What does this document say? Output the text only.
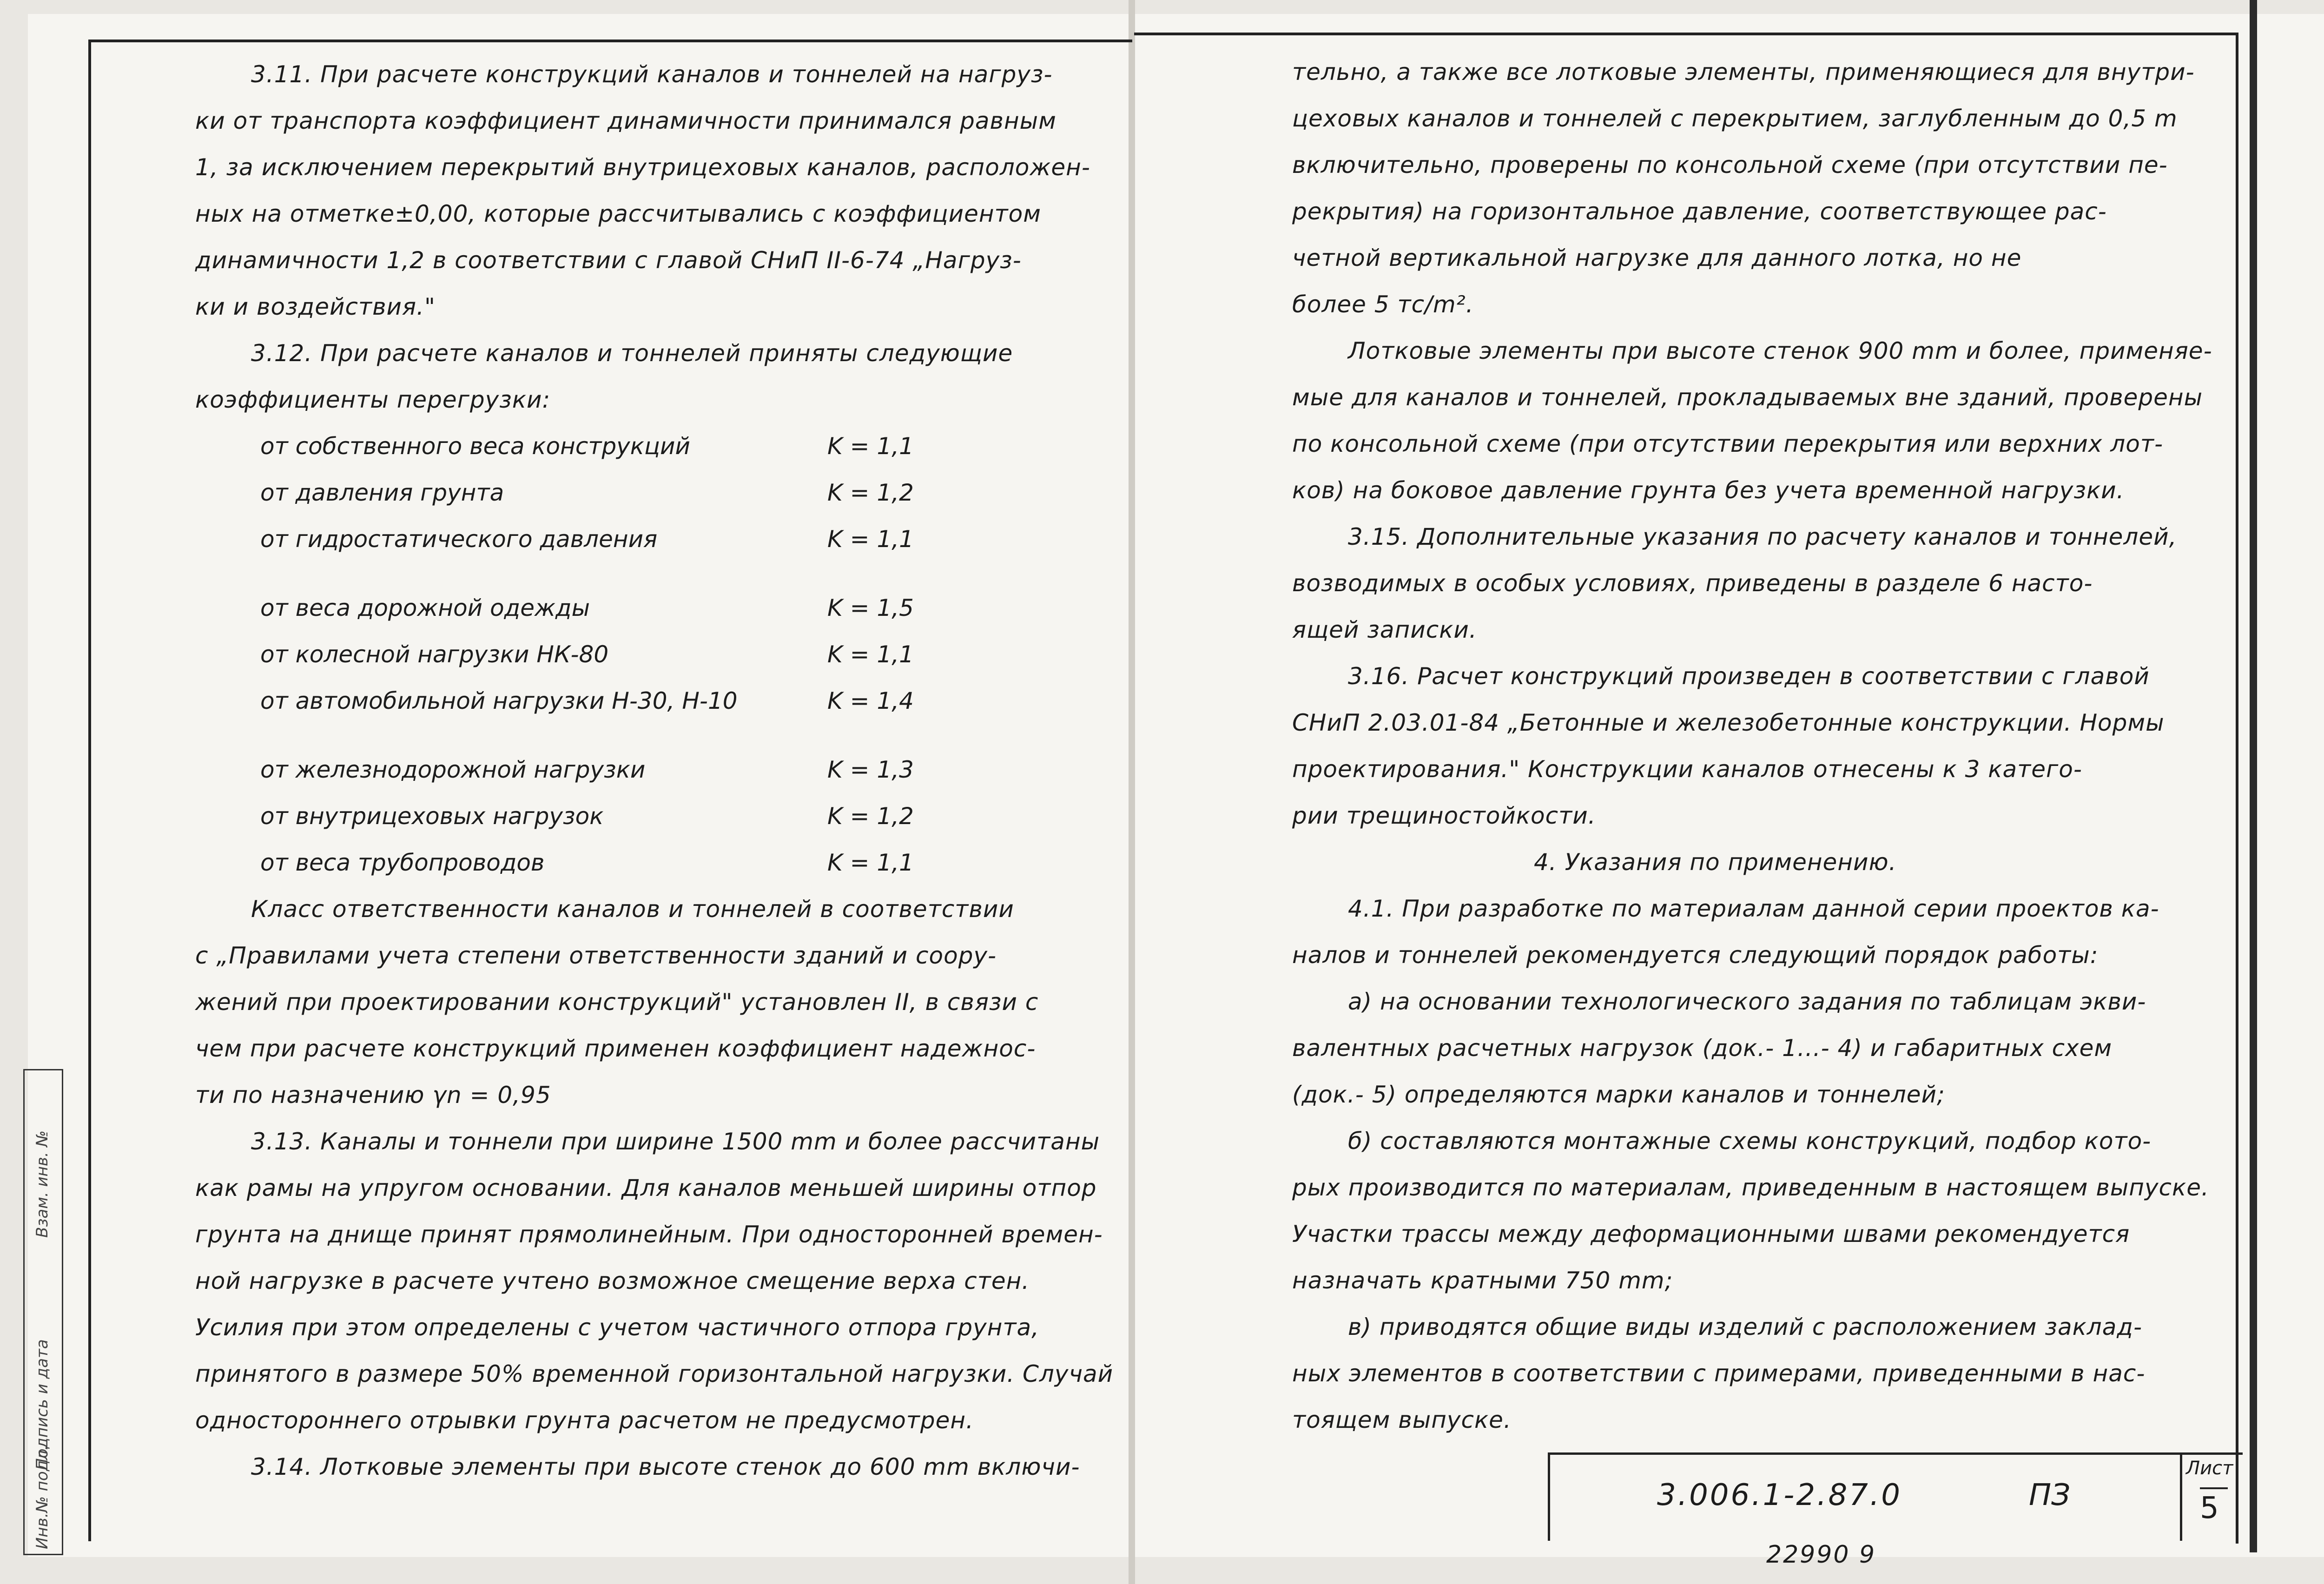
Инв.№ подл.
Подпись и дата
Взам. инв. №
3.11. При расчете конструкций каналов и тоннелей на нагруз-
ки от транспорта коэффициент динамичности принимался равным
1, за исключением перекрытий внутрицеховых каналов, расположен-
ных на отметке±0,00, которые рассчитывались с коэффициентом
динамичности 1,2 в соответствии с главой СНиП II-6-74 „Нагруз-
ки и воздействия."
3.12. При расчете каналов и тоннелей приняты следующие
коэффициенты перегрузки:
от собственного веса конструкций	K = 1,1
от давления грунта	K = 1,2
от гидростатического давления	K = 1,1
от веса дорожной одежды	K = 1,5
от колесной нагрузки НК-80	K = 1,1
от автомобильной нагрузки Н-30, Н-10	K = 1,4
от железнодорожной нагрузки	K = 1,3
от внутрицеховых нагрузок	K = 1,2
от веса трубопроводов	K = 1,1
Класс ответственности каналов и тоннелей в соответствии
с „Правилами учета степени ответственности зданий и соору-
жений при проектировании конструкций" установлен II, в связи с
чем при расчете конструкций применен коэффициент надежнос-
ти по назначению γn = 0,95
3.13. Каналы и тоннели при ширине 1500 mm и более рассчитаны
как рамы на упругом основании. Для каналов меньшей ширины отпор
грунта на днище принят прямолинейным. При односторонней времен-
ной нагрузке в расчете учтено возможное смещение верха стен.
Усилия при этом определены с учетом частичного отпора грунта,
принятого в размере 50% временной горизонтальной нагрузки. Случай
одностороннего отрывки грунта расчетом не предусмотрен.
3.14. Лотковые элементы при высоте стенок до 600 mm включи-
тельно, а также все лотковые элементы, применяющиеся для внутри-
цеховых каналов и тоннелей с перекрытием, заглубленным до 0,5 m
включительно, проверены по консольной схеме (при отсутствии пе-
рекрытия) на горизонтальное давление, соответствующее рас-
четной вертикальной нагрузке для данного лотка, но не
более 5 тс/m².
Лотковые элементы при высоте стенок 900 mm и более, применяе-
мые для каналов и тоннелей, прокладываемых вне зданий, проверены
по консольной схеме (при отсутствии перекрытия или верхних лот-
ков) на боковое давление грунта без учета временной нагрузки.
3.15. Дополнительные указания по расчету каналов и тоннелей,
возводимых в особых условиях, приведены в разделе 6 насто-
ящей записки.
3.16. Расчет конструкций произведен в соответствии с главой
СНиП 2.03.01-84 „Бетонные и железобетонные конструкции. Нормы
проектирования." Конструкции каналов отнесены к 3 катего-
рии трещиностойкости.
4. Указания по применению.
4.1. При разработке по материалам данной серии проектов ка-
налов и тоннелей рекомендуется следующий порядок работы:
а) на основании технологического задания по таблицам экви-
валентных расчетных нагрузок (док.- 1...- 4) и габаритных схем
(док.- 5) определяются марки каналов и тоннелей;
б) составляются монтажные схемы конструкций, подбор кото-
рых производится по материалам, приведенным в настоящем выпуске.
Участки трассы между деформационными швами рекомендуется
назначать кратными 750 mm;
в) приводятся общие виды изделий с расположением заклад-
ных элементов в соответствии с примерами, приведенными в нас-
тоящем выпуске.
3.006.1-2.87.0	ПЗ
Лист
5
22990 9
